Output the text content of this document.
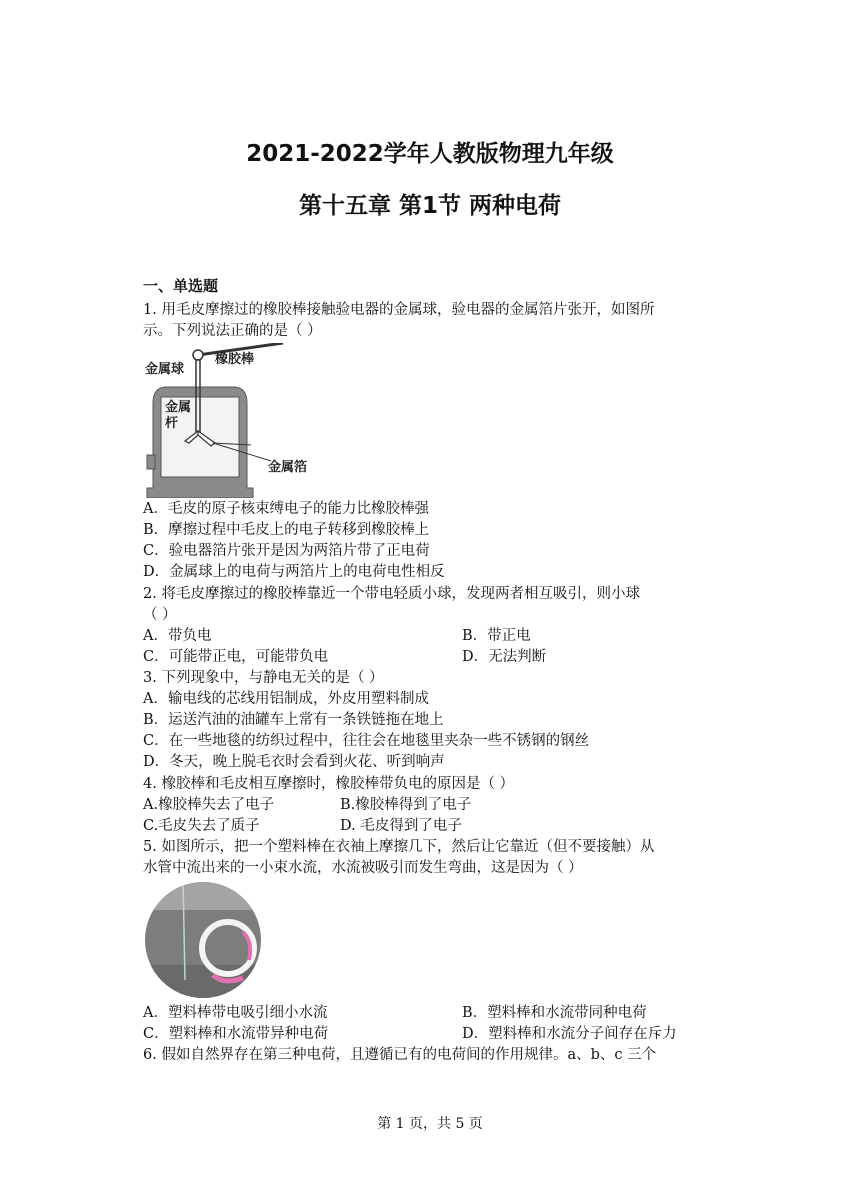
2021-2022学年人教版物理九年级
第十五章 第1节 两种电荷
一、单选题
1. 用毛皮摩擦过的橡胶棒接触验电器的金属球，验电器的金属箔片张开，如图所
示。下列说法正确的是（ ）
金属球
橡胶棒
金属
杆
金属箔
A．毛皮的原子核束缚电子的能力比橡胶棒强
B．摩擦过程中毛皮上的电子转移到橡胶棒上
C．验电器箔片张开是因为两箔片带了正电荷
D．金属球上的电荷与两箔片上的电荷电性相反
2. 将毛皮摩擦过的橡胶棒靠近一个带电轻质小球，发现两者相互吸引，则小球
（ ）
A．带负电	B．带正电
C．可能带正电，可能带负电	D．无法判断
3. 下列现象中，与静电无关的是（ ）
A．输电线的芯线用铝制成，外皮用塑料制成
B．运送汽油的油罐车上常有一条铁链拖在地上
C．在一些地毯的纺织过程中，往往会在地毯里夹杂一些不锈钢的钢丝
D．冬天，晚上脱毛衣时会看到火花、听到响声
4. 橡胶棒和毛皮相互摩擦时，橡胶棒带负电的原因是（ ）
A.橡胶棒失去了电子	B.橡胶棒得到了电子
C.毛皮失去了质子	D. 毛皮得到了电子
5. 如图所示，把一个塑料棒在衣袖上摩擦几下，然后让它靠近（但不要接触）从
水管中流出来的一小束水流，水流被吸引而发生弯曲，这是因为（ ）
A．塑料棒带电吸引细小水流	B．塑料棒和水流带同种电荷
C．塑料棒和水流带异种电荷	D．塑料棒和水流分子间存在斥力
6. 假如自然界存在第三种电荷，且遵循已有的电荷间的作用规律。a、b、c 三个
第 1 页，共 5 页
